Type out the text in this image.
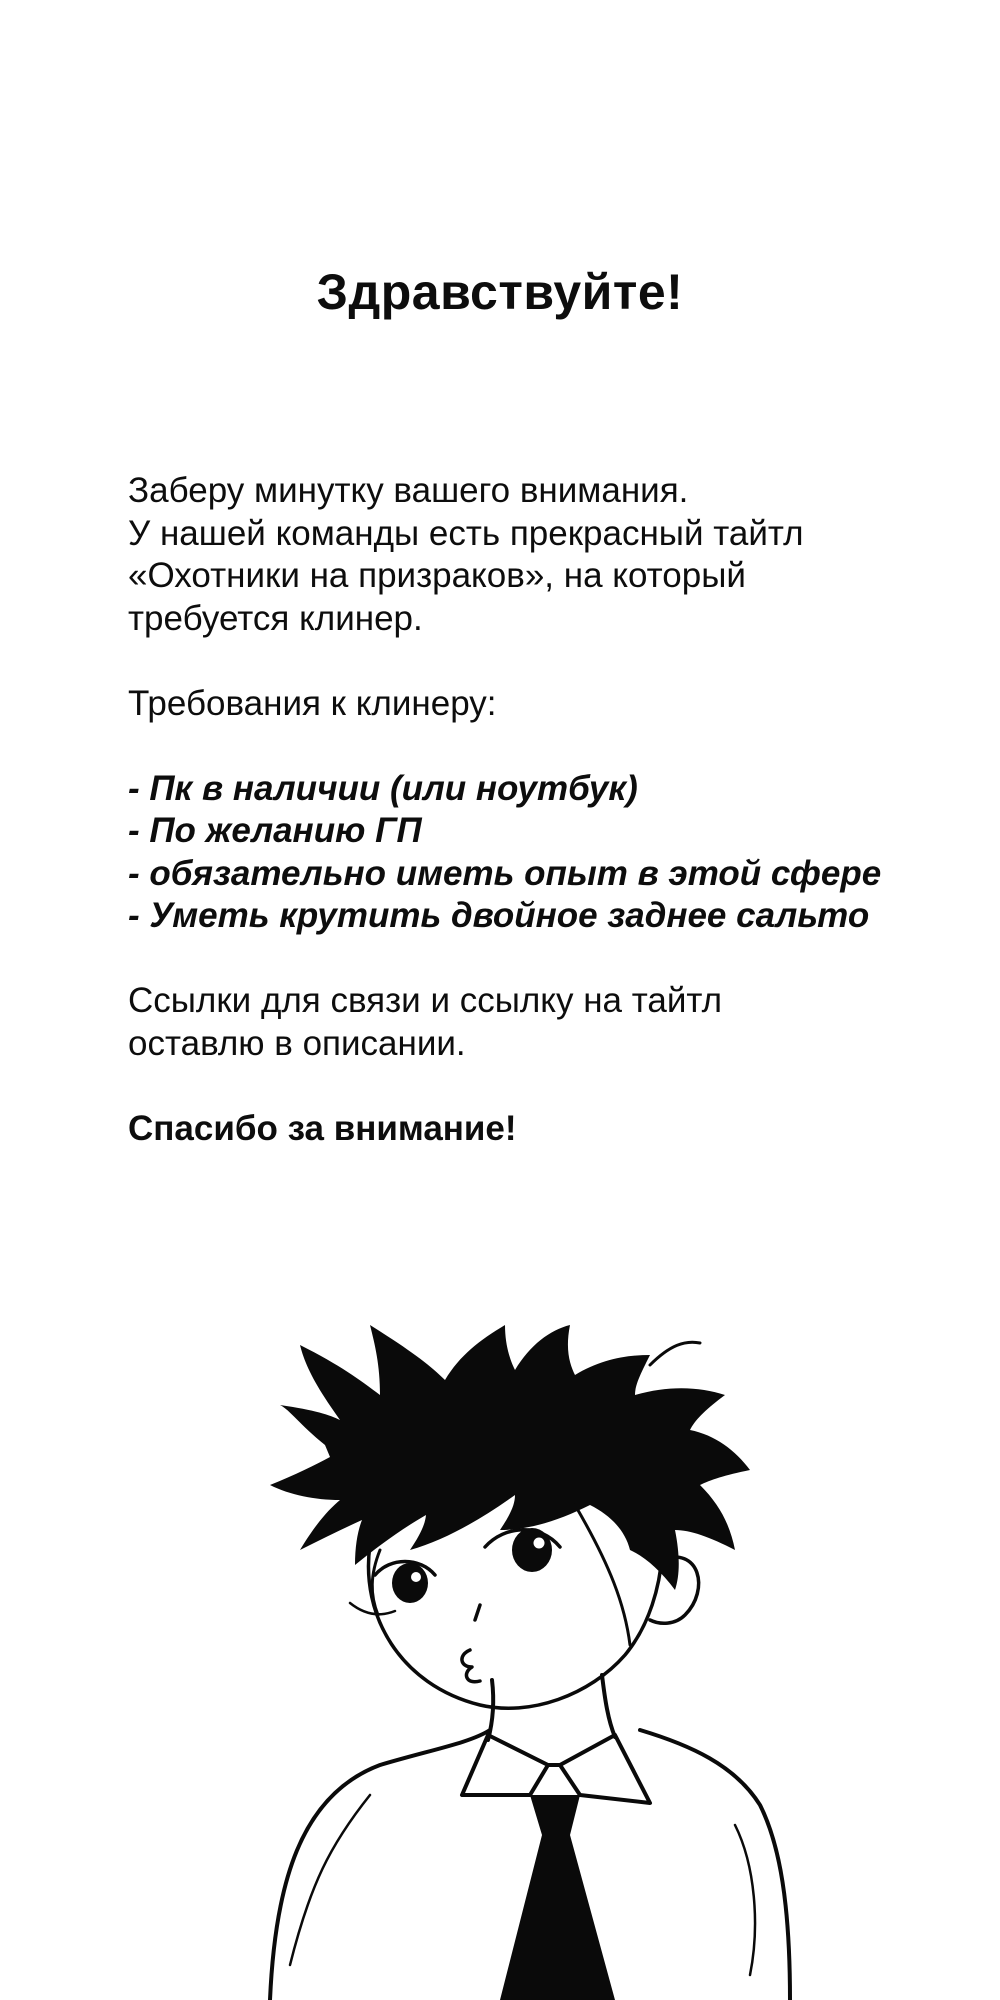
Здравствуйте!

Заберу минутку вашего внимания.
У нашей команды есть прекрасный тайтл
«Охотники на призраков», на который
требуется клинер.

Требования к клинеру:

- Пк в наличии (или ноутбук)
- По желанию ГП
- обязательно иметь опыт в этой сфере
- Уметь крутить двойное заднее сальто

Ссылки для связи и ссылку на тайтл
оставлю в описании.

Спасибо за внимание!
